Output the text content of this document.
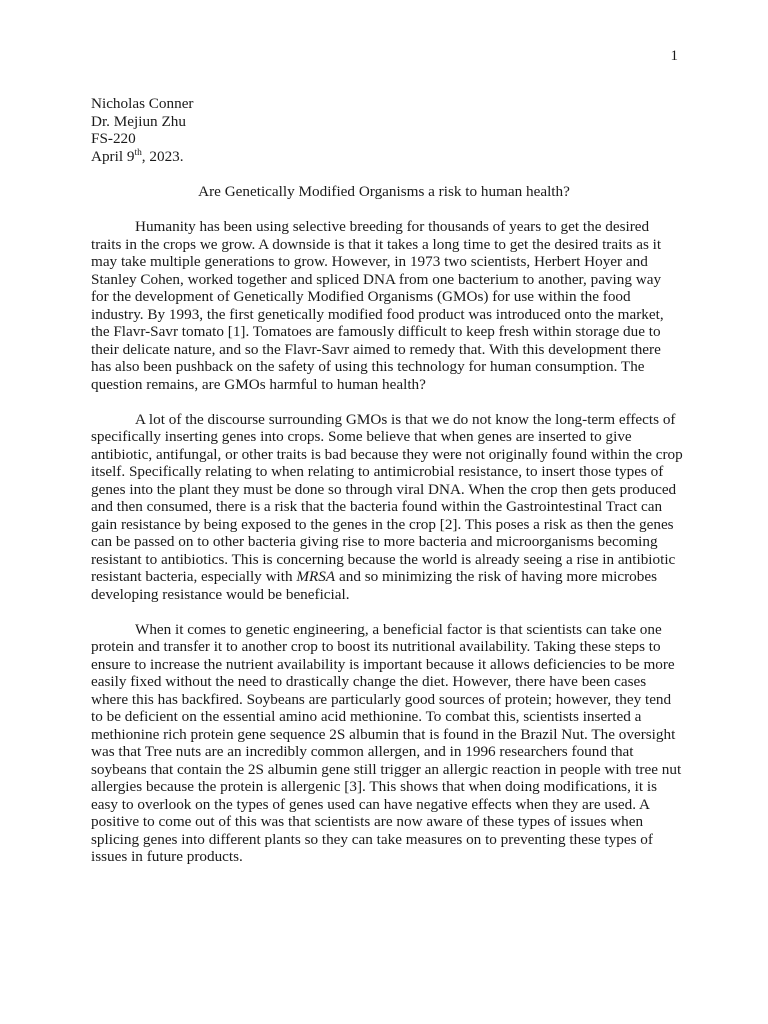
1
Nicholas Conner
Dr. Mejiun Zhu
FS-220
April 9th, 2023.
Are Genetically Modified Organisms a risk to human health?
Humanity has been using selective breeding for thousands of years to get the desired
traits in the crops we grow. A downside is that it takes a long time to get the desired traits as it
may take multiple generations to grow. However, in 1973 two scientists, Herbert Hoyer and
Stanley Cohen, worked together and spliced DNA from one bacterium to another, paving way
for the development of Genetically Modified Organisms (GMOs) for use within the food
industry. By 1993, the first genetically modified food product was introduced onto the market,
the Flavr-Savr tomato [1]. Tomatoes are famously difficult to keep fresh within storage due to
their delicate nature, and so the Flavr-Savr aimed to remedy that. With this development there
has also been pushback on the safety of using this technology for human consumption. The
question remains, are GMOs harmful to human health?
A lot of the discourse surrounding GMOs is that we do not know the long-term effects of
specifically inserting genes into crops. Some believe that when genes are inserted to give
antibiotic, antifungal, or other traits is bad because they were not originally found within the crop
itself. Specifically relating to when relating to antimicrobial resistance, to insert those types of
genes into the plant they must be done so through viral DNA. When the crop then gets produced
and then consumed, there is a risk that the bacteria found within the Gastrointestinal Tract can
gain resistance by being exposed to the genes in the crop [2]. This poses a risk as then the genes
can be passed on to other bacteria giving rise to more bacteria and microorganisms becoming
resistant to antibiotics. This is concerning because the world is already seeing a rise in antibiotic
resistant bacteria, especially with MRSA and so minimizing the risk of having more microbes
developing resistance would be beneficial.
When it comes to genetic engineering, a beneficial factor is that scientists can take one
protein and transfer it to another crop to boost its nutritional availability. Taking these steps to
ensure to increase the nutrient availability is important because it allows deficiencies to be more
easily fixed without the need to drastically change the diet. However, there have been cases
where this has backfired. Soybeans are particularly good sources of protein; however, they tend
to be deficient on the essential amino acid methionine. To combat this, scientists inserted a
methionine rich protein gene sequence 2S albumin that is found in the Brazil Nut. The oversight
was that Tree nuts are an incredibly common allergen, and in 1996 researchers found that
soybeans that contain the 2S albumin gene still trigger an allergic reaction in people with tree nut
allergies because the protein is allergenic [3]. This shows that when doing modifications, it is
easy to overlook on the types of genes used can have negative effects when they are used. A
positive to come out of this was that scientists are now aware of these types of issues when
splicing genes into different plants so they can take measures on to preventing these types of
issues in future products.
